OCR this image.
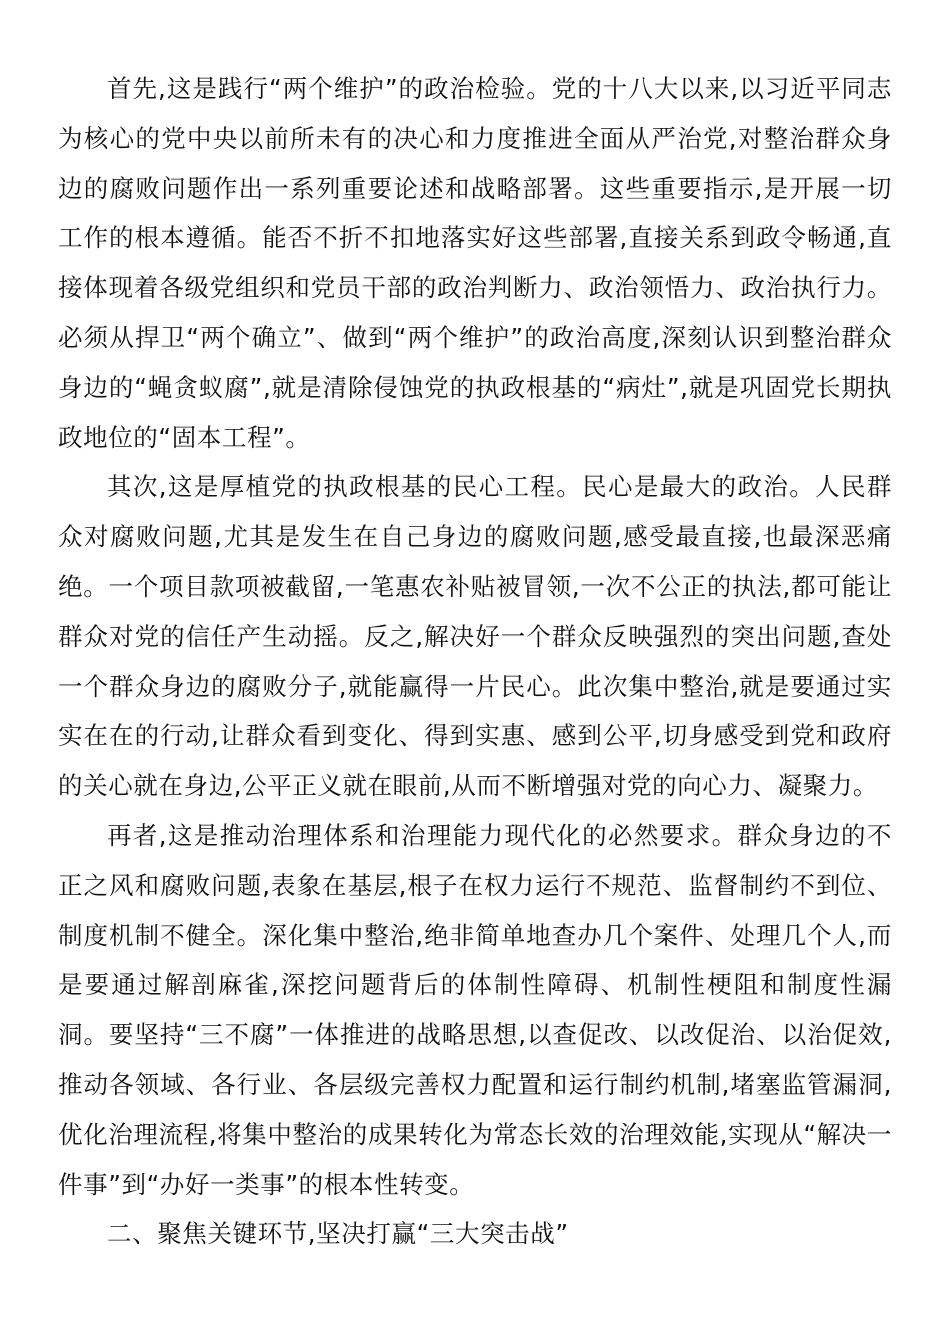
首先,这是践行“两个维护”的政治检验。党的十八大以来,以习近平同志为核心的党中央以前所未有的决心和力度推进全面从严治党,对整治群众身边的腐败问题作出一系列重要论述和战略部署。这些重要指示,是开展一切工作的根本遵循。能否不折不扣地落实好这些部署,直接关系到政令畅通,直接体现着各级党组织和党员干部的政治判断力、政治领悟力、政治执行力。必须从捍卫“两个确立”、做到“两个维护”的政治高度,深刻认识到整治群众身边的“蝇贪蚁腐”,就是清除侵蚀党的执政根基的“病灶”,就是巩固党长期执政地位的“固本工程”。

其次,这是厚植党的执政根基的民心工程。民心是最大的政治。人民群众对腐败问题,尤其是发生在自己身边的腐败问题,感受最直接,也最深恶痛绝。一个项目款项被截留,一笔惠农补贴被冒领,一次不公正的执法,都可能让群众对党的信任产生动摇。反之,解决好一个群众反映强烈的突出问题,查处一个群众身边的腐败分子,就能赢得一片民心。此次集中整治,就是要通过实实在在的行动,让群众看到变化、得到实惠、感到公平,切身感受到党和政府的关心就在身边,公平正义就在眼前,从而不断增强对党的向心力、凝聚力。

再者,这是推动治理体系和治理能力现代化的必然要求。群众身边的不正之风和腐败问题,表象在基层,根子在权力运行不规范、监督制约不到位、制度机制不健全。深化集中整治,绝非简单地查办几个案件、处理几个人,而是要通过解剖麻雀,深挖问题背后的体制性障碍、机制性梗阻和制度性漏洞。要坚持“三不腐”一体推进的战略思想,以查促改、以改促治、以治促效,推动各领域、各行业、各层级完善权力配置和运行制约机制,堵塞监管漏洞,优化治理流程,将集中整治的成果转化为常态长效的治理效能,实现从“解决一件事”到“办好一类事”的根本性转变。

二、聚焦关键环节,坚决打赢“三大突击战”
